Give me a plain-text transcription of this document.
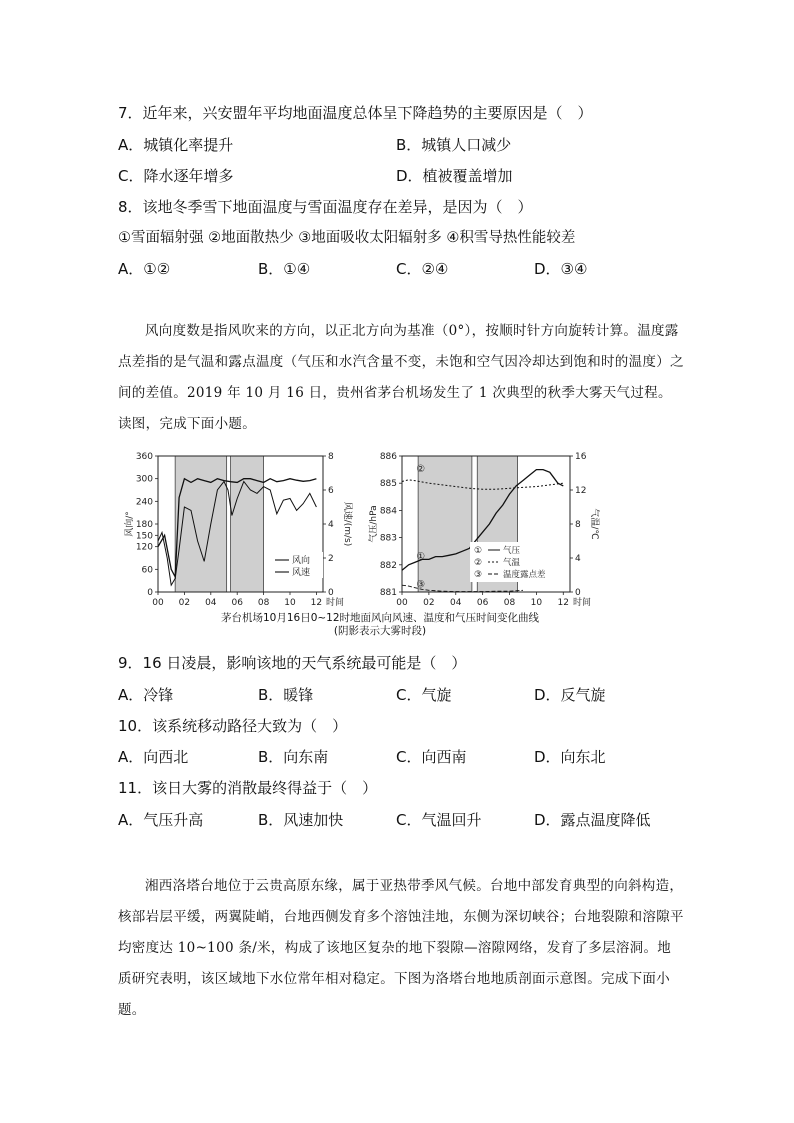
7．近年来，兴安盟年平均地面温度总体呈下降趋势的主要原因是（　）
A．城镇化率提升	B．城镇人口减少
C．降水逐年增多	D．植被覆盖增加
8．该地冬季雪下地面温度与雪面温度存在差异，是因为（　）
①雪面辐射强 ②地面散热少 ③地面吸收太阳辐射多 ④积雪导热性能较差
A．①②	B．①④	C．②④	D．③④
风向度数是指风吹来的方向，以正北方向为基准（0°），按顺时针方向旋转计算。温度露点差指的是气温和露点温度（气压和水汽含量不变，未饱和空气因冷却达到饱和时的温度）之间的差值。2019 年 10 月 16 日，贵州省茅台机场发生了 1 次典型的秋季大雾天气过程。读图，完成下面小题。
00 02 04 06 08 10 12 时间
0
60
120
150
180
240
300
360
风向/°
0
2
4
6
8
风速/(m/s)
风向
风速
00 02 04 06 08 10 12 时间
881
882
883
884
885
886
气压/hPa
0
4
8
12
16
气温/℃
① 气压
② 气温
③ 温度露点差
①
②
③
茅台机场10月16日0~12时地面风向风速、温度和气压时间变化曲线
(阴影表示大雾时段)
9．16 日凌晨，影响该地的天气系统最可能是（　）
A．冷锋	B．暖锋	C．气旋	D．反气旋
10．该系统移动路径大致为（　）
A．向西北	B．向东南	C．向西南	D．向东北
11．该日大雾的消散最终得益于（　）
A．气压升高	B．风速加快	C．气温回升	D．露点温度降低
湘西洛塔台地位于云贵高原东缘，属于亚热带季风气候。台地中部发育典型的向斜构造，核部岩层平缓，两翼陡峭，台地西侧发育多个溶蚀洼地，东侧为深切峡谷；台地裂隙和溶隙平均密度达 10~100 条/米，构成了该地区复杂的地下裂隙—溶隙网络，发育了多层溶洞。地质研究表明，该区域地下水位常年相对稳定。下图为洛塔台地地质剖面示意图。完成下面小题。
